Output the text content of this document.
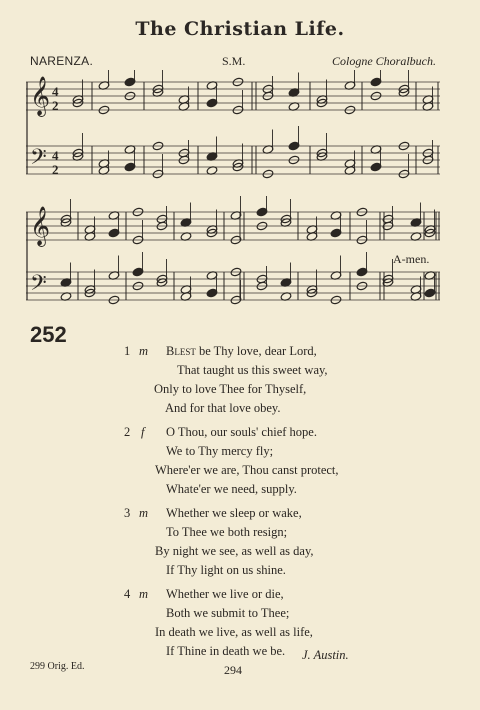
The Christian Life.
NARENZA.	S.M.	Cologne Choralbuch.
𝄞
𝄢
4
2
4
2
𝄞
𝄢
A-men.
252
1 m Blest be Thy love, dear Lord,
That taught us this sweet way,
Only to love Thee for Thyself,
And for that love obey.
2 f O Thou, our souls' chief hope.
We to Thy mercy fly;
Where'er we are, Thou canst protect,
Whate'er we need, supply.
3 m Whether we sleep or wake,
To Thee we both resign;
By night we see, as well as day,
If Thy light on us shine.
4 m Whether we live or die,
Both we submit to Thee;
In death we live, as well as life,
If Thine in death we be. J. Austin.
299 Orig. Ed.	294
